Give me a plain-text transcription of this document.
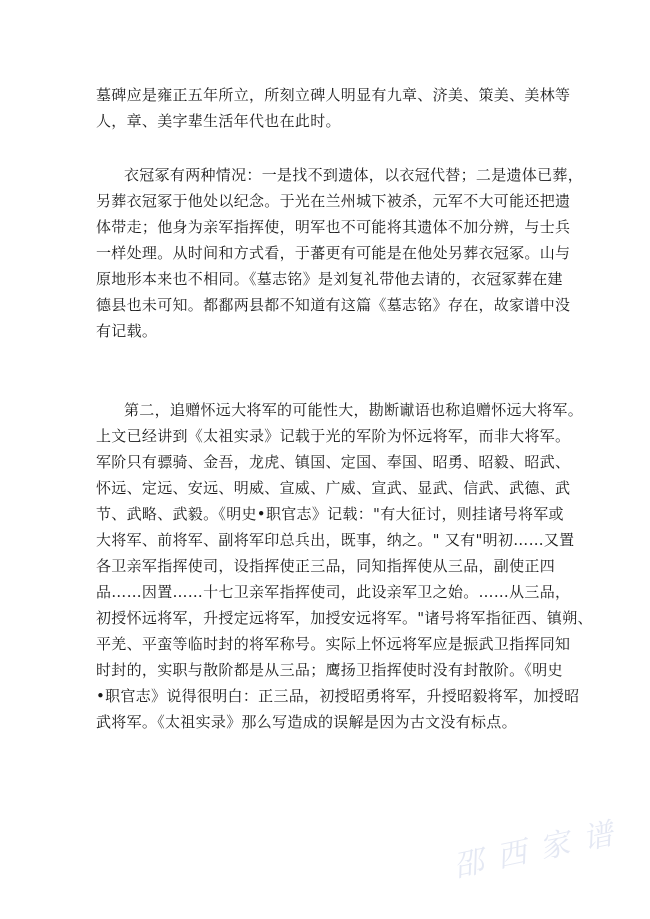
墓碑应是雍正五年所立，所刻立碑人明显有九章、济美、策美、美林等
人，章、美字辈生活年代也在此时。
衣冠冢有两种情况：一是找不到遗体，以衣冠代替；二是遗体已葬，
另葬衣冠冢于他处以纪念。于光在兰州城下被杀，元军不大可能还把遗
体带走；他身为亲军指挥使，明军也不可能将其遗体不加分辨，与士兵
一样处理。从时间和方式看，于蕃更有可能是在他处另葬衣冠冢。山与
原地形本来也不相同。《墓志铭》是刘复礼带他去请的，衣冠冢葬在建
德县也未可知。都鄱两县都不知道有这篇《墓志铭》存在，故家谱中没
有记载。
第二，追赠怀远大将军的可能性大，勘断谳语也称追赠怀远大将军。
上文已经讲到《太祖实录》记载于光的军阶为怀远将军，而非大将军。
军阶只有骠骑、金吾，龙虎、镇国、定国、奉国、昭勇、昭毅、昭武、
怀远、定远、安远、明威、宣威、广威、宣武、显武、信武、武德、武
节、武略、武毅。《明史•职官志》记载："有大征讨，则挂诸号将军或
大将军、前将军、副将军印总兵出，既事，纳之。" 又有"明初……又置
各卫亲军指挥使司，设指挥使正三品，同知指挥使从三品，副使正四
品……因置……十七卫亲军指挥使司，此设亲军卫之始。……从三品，
初授怀远将军，升授定远将军，加授安远将军。"诸号将军指征西、镇朔、
平羌、平蛮等临时封的将军称号。实际上怀远将军应是振武卫指挥同知
时封的，实职与散阶都是从三品；鹰扬卫指挥使时没有封散阶。《明史
•职官志》说得很明白：正三品，初授昭勇将军，升授昭毅将军，加授昭
武将军。《太祖实录》那么写造成的误解是因为古文没有标点。
邵西家谱
